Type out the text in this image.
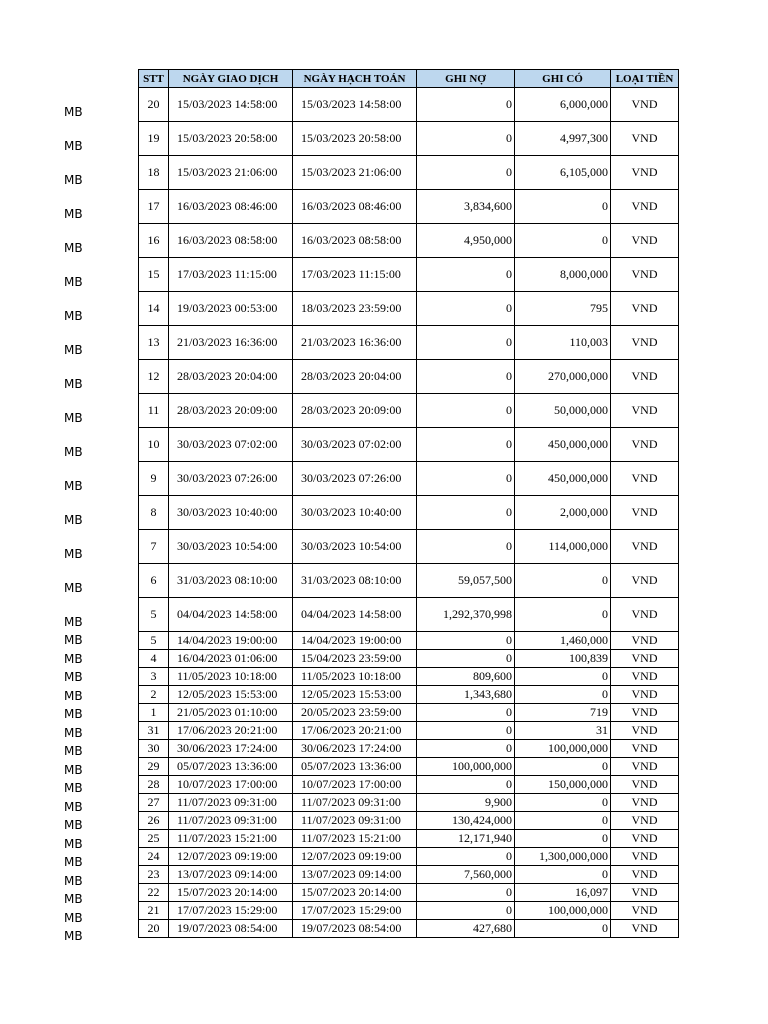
MB
MB
MB
MB
MB
MB
MB
MB
MB
MB
MB
MB
MB
MB
MB
MB
MB
MB
MB
MB
MB
MB
MB
MB
MB
MB
MB
MB
MB
MB
MB
MB
MB
STT	NGÀY GIAO DỊCH	NGÀY HẠCH TOÁN	GHI NỢ	GHI CÓ	LOẠI TIỀN
20	15/03/2023 14:58:00	15/03/2023 14:58:00	0	6,000,000	VND
19	15/03/2023 20:58:00	15/03/2023 20:58:00	0	4,997,300	VND
18	15/03/2023 21:06:00	15/03/2023 21:06:00	0	6,105,000	VND
17	16/03/2023 08:46:00	16/03/2023 08:46:00	3,834,600	0	VND
16	16/03/2023 08:58:00	16/03/2023 08:58:00	4,950,000	0	VND
15	17/03/2023 11:15:00	17/03/2023 11:15:00	0	8,000,000	VND
14	19/03/2023 00:53:00	18/03/2023 23:59:00	0	795	VND
13	21/03/2023 16:36:00	21/03/2023 16:36:00	0	110,003	VND
12	28/03/2023 20:04:00	28/03/2023 20:04:00	0	270,000,000	VND
11	28/03/2023 20:09:00	28/03/2023 20:09:00	0	50,000,000	VND
10	30/03/2023 07:02:00	30/03/2023 07:02:00	0	450,000,000	VND
9	30/03/2023 07:26:00	30/03/2023 07:26:00	0	450,000,000	VND
8	30/03/2023 10:40:00	30/03/2023 10:40:00	0	2,000,000	VND
7	30/03/2023 10:54:00	30/03/2023 10:54:00	0	114,000,000	VND
6	31/03/2023 08:10:00	31/03/2023 08:10:00	59,057,500	0	VND
5	04/04/2023 14:58:00	04/04/2023 14:58:00	1,292,370,998	0	VND
5	14/04/2023 19:00:00	14/04/2023 19:00:00	0	1,460,000	VND
4	16/04/2023 01:06:00	15/04/2023 23:59:00	0	100,839	VND
3	11/05/2023 10:18:00	11/05/2023 10:18:00	809,600	0	VND
2	12/05/2023 15:53:00	12/05/2023 15:53:00	1,343,680	0	VND
1	21/05/2023 01:10:00	20/05/2023 23:59:00	0	719	VND
31	17/06/2023 20:21:00	17/06/2023 20:21:00	0	31	VND
30	30/06/2023 17:24:00	30/06/2023 17:24:00	0	100,000,000	VND
29	05/07/2023 13:36:00	05/07/2023 13:36:00	100,000,000	0	VND
28	10/07/2023 17:00:00	10/07/2023 17:00:00	0	150,000,000	VND
27	11/07/2023 09:31:00	11/07/2023 09:31:00	9,900	0	VND
26	11/07/2023 09:31:00	11/07/2023 09:31:00	130,424,000	0	VND
25	11/07/2023 15:21:00	11/07/2023 15:21:00	12,171,940	0	VND
24	12/07/2023 09:19:00	12/07/2023 09:19:00	0	1,300,000,000	VND
23	13/07/2023 09:14:00	13/07/2023 09:14:00	7,560,000	0	VND
22	15/07/2023 20:14:00	15/07/2023 20:14:00	0	16,097	VND
21	17/07/2023 15:29:00	17/07/2023 15:29:00	0	100,000,000	VND
20	19/07/2023 08:54:00	19/07/2023 08:54:00	427,680	0	VND
